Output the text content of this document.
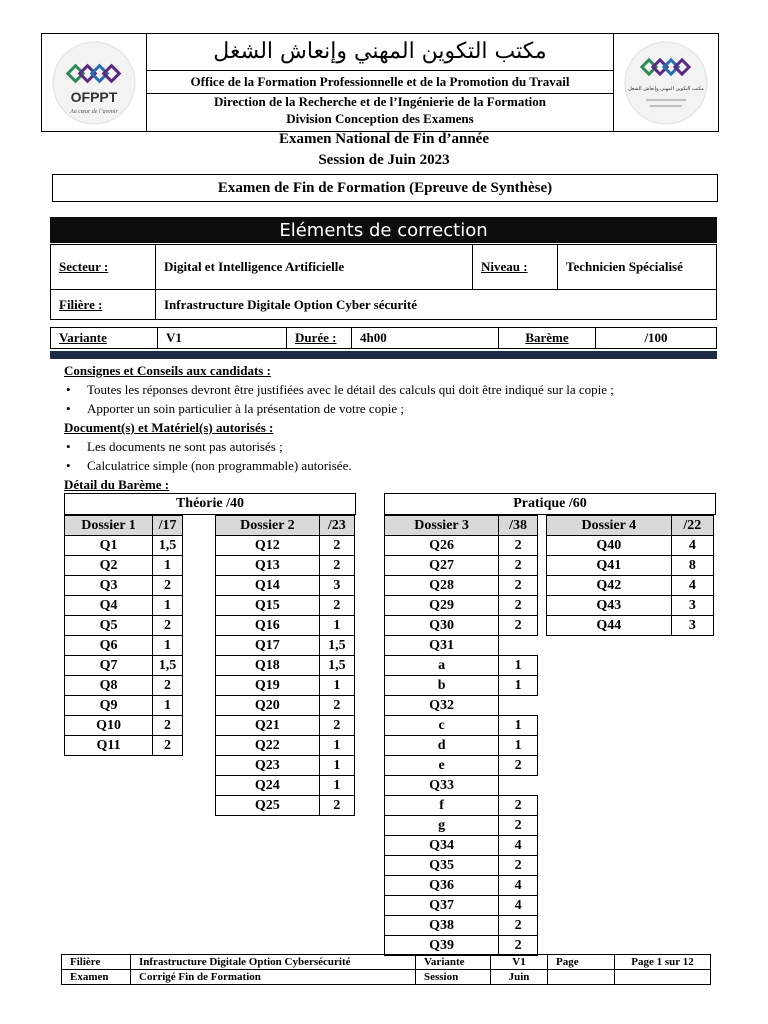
OFPPT
Au cœur de l’avenir
مكتب التكوين المهني وإنعاش الشغل
Office de la Formation Professionnelle et de la Promotion du Travail
Direction de la Recherche et de l’Ingénierie de la Formation
Division Conception des Examens
مكتب التكوين المهني وإنعاش الشغل
Examen National de Fin d’année
Session de Juin 2023
Examen de Fin de Formation (Epreuve de Synthèse)
Eléments de correction
Secteur :	Digital et Intelligence Artificielle	Niveau :	Technicien Spécialisé
Filière :	Infrastructure Digitale Option Cyber sécurité		
Variante	V1	Durée :	4h00	Barème	/100
Consignes et Conseils aux candidats :
• Toutes les réponses devront être justifiées avec le détail des calculs qui doit être indiqué sur la copie ;
• Apporter un soin particulier à la présentation de votre copie ;
Document(s) et Matériel(s) autorisés :
• Les documents ne sont pas autorisés ;
• Calculatrice simple (non programmable) autorisée.
Détail du Barème :
Théorie /40	Pratique /60
Dossier 1	/17
Q1	1,5
Q2	1
Q3	2
Q4	1
Q5	2
Q6	1
Q7	1,5
Q8	2
Q9	1
Q10	2
Q11	2
Dossier 2	/23
Q12	2
Q13	2
Q14	3
Q15	2
Q16	1
Q17	1,5
Q18	1,5
Q19	1
Q20	2
Q21	2
Q22	1
Q23	1
Q24	1
Q25	2
Dossier 3	/38
Q26	2
Q27	2
Q28	2
Q29	2
Q30	2
Q31	
a	1
b	1
Q32	
c	1
d	1
e	2
Q33	
f	2
g	2
Q34	4
Q35	2
Q36	4
Q37	4
Q38	2
Q39	2
Dossier 4	/22
Q40	4
Q41	8
Q42	4
Q43	3
Q44	3
Filière	Infrastructure Digitale Option Cybersécurité	Variante	V1	Page	Page 1 sur 12
Examen	Corrigé Fin de Formation	Session	Juin		
